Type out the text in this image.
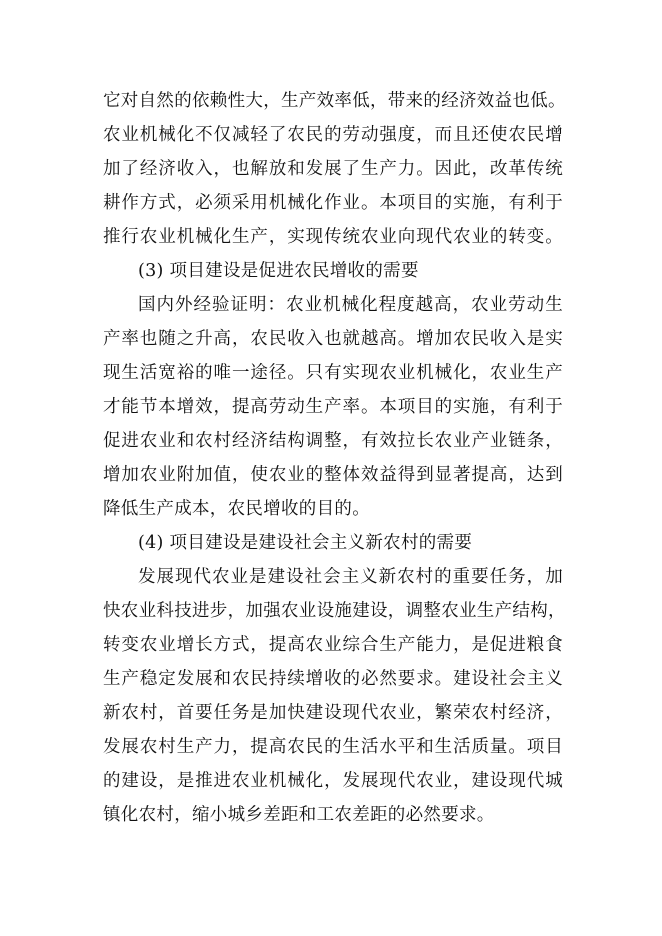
它对自然的依赖性大，生产效率低，带来的经济效益也低。
农业机械化不仅减轻了农民的劳动强度，而且还使农民增
加了经济收入，也解放和发展了生产力。因此，改革传统
耕作方式，必须采用机械化作业。本项目的实施，有利于
推行农业机械化生产，实现传统农业向现代农业的转变。
(3) 项目建设是促进农民增收的需要
国内外经验证明：农业机械化程度越高，农业劳动生
产率也随之升高，农民收入也就越高。增加农民收入是实
现生活宽裕的唯一途径。只有实现农业机械化，农业生产
才能节本增效，提高劳动生产率。本项目的实施，有利于
促进农业和农村经济结构调整，有效拉长农业产业链条，
增加农业附加值，使农业的整体效益得到显著提高，达到
降低生产成本，农民增收的目的。
(4) 项目建设是建设社会主义新农村的需要
发展现代农业是建设社会主义新农村的重要任务，加
快农业科技进步，加强农业设施建设，调整农业生产结构，
转变农业增长方式，提高农业综合生产能力，是促进粮食
生产稳定发展和农民持续增收的必然要求。建设社会主义
新农村，首要任务是加快建设现代农业，繁荣农村经济，
发展农村生产力，提高农民的生活水平和生活质量。项目
的建设，是推进农业机械化，发展现代农业，建设现代城
镇化农村，缩小城乡差距和工农差距的必然要求。
